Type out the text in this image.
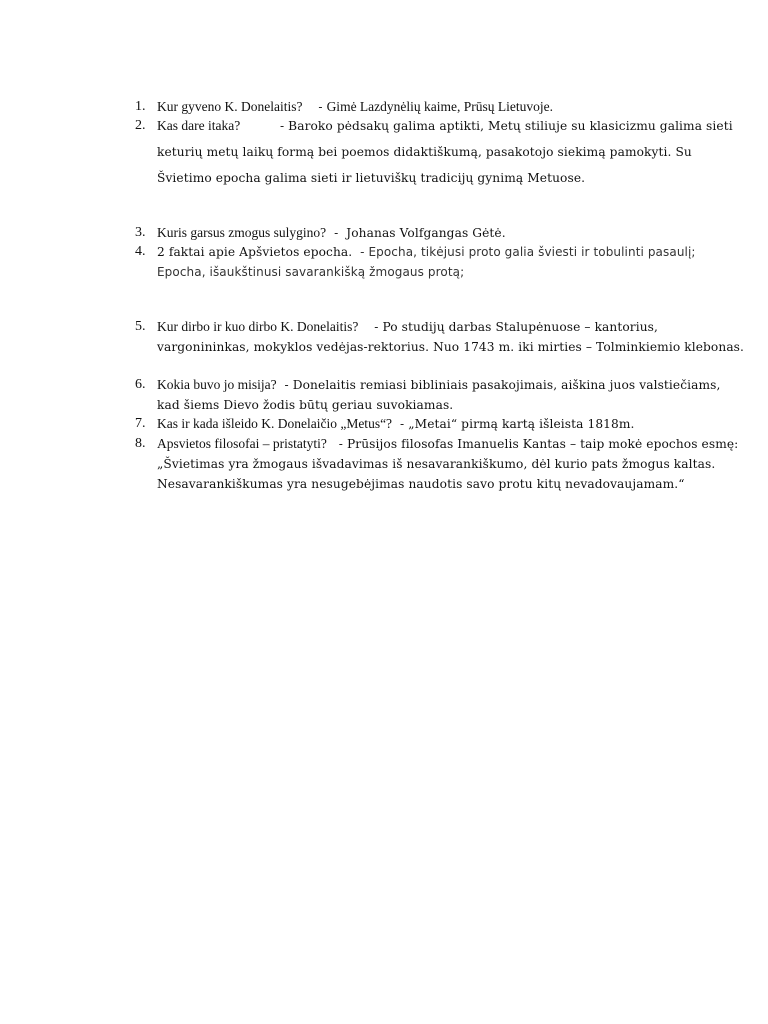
1. Kur gyveno K. Donelaitis?    - Gimė Lazdynėlių kaime, Prūsų Lietuvoje.
2. Kas dare itaka?          - Baroko pėdsakų galima aptikti, Metų stiliuje su klasicizmu galima sieti keturių metų laikų formą bei poemos didaktiškumą, pasakotojo siekimą pamokyti. Su Švietimo epocha galima sieti ir lietuviškų tradicijų gynimą Metuose.
3. Kuris garsus zmogus sulygino?  -  Johanas Volfgangas Gėtė.
4. 2 faktai apie Apšvietos epocha.  - Epocha, tikėjusi proto galia šviesti ir tobulinti pasaulį; Epocha, išaukštinusi savarankišką žmogaus protą;
5. Kur dirbo ir kuo dirbo K. Donelaitis?    - Po studijų darbas Stalupėnuose – kantorius, vargonininkas, mokyklos vedėjas-rektorius. Nuo 1743 m. iki mirties – Tolminkiemio klebonas.
6. Kokia buvo jo misija?  - Donelaitis remiasi bibliniais pasakojimais, aiškina juos valstiečiams, kad šiems Dievo žodis būtų geriau suvokiamas.
7. Kas ir kada išleido K. Donelaičio „Metus“?  - „Metai“ pirmą kartą išleista 1818m.
8. Apsvietos filosofai – pristatyti?   - Prūsijos filosofas Imanuelis Kantas – taip mokė epochos esmę: „Švietimas yra žmogaus išvadavimas iš nesavarankiškumo, dėl kurio pats žmogus kaltas. Nesavarankiškumas yra nesugebėjimas naudotis savo protu kitų nevadovaujamam.“
